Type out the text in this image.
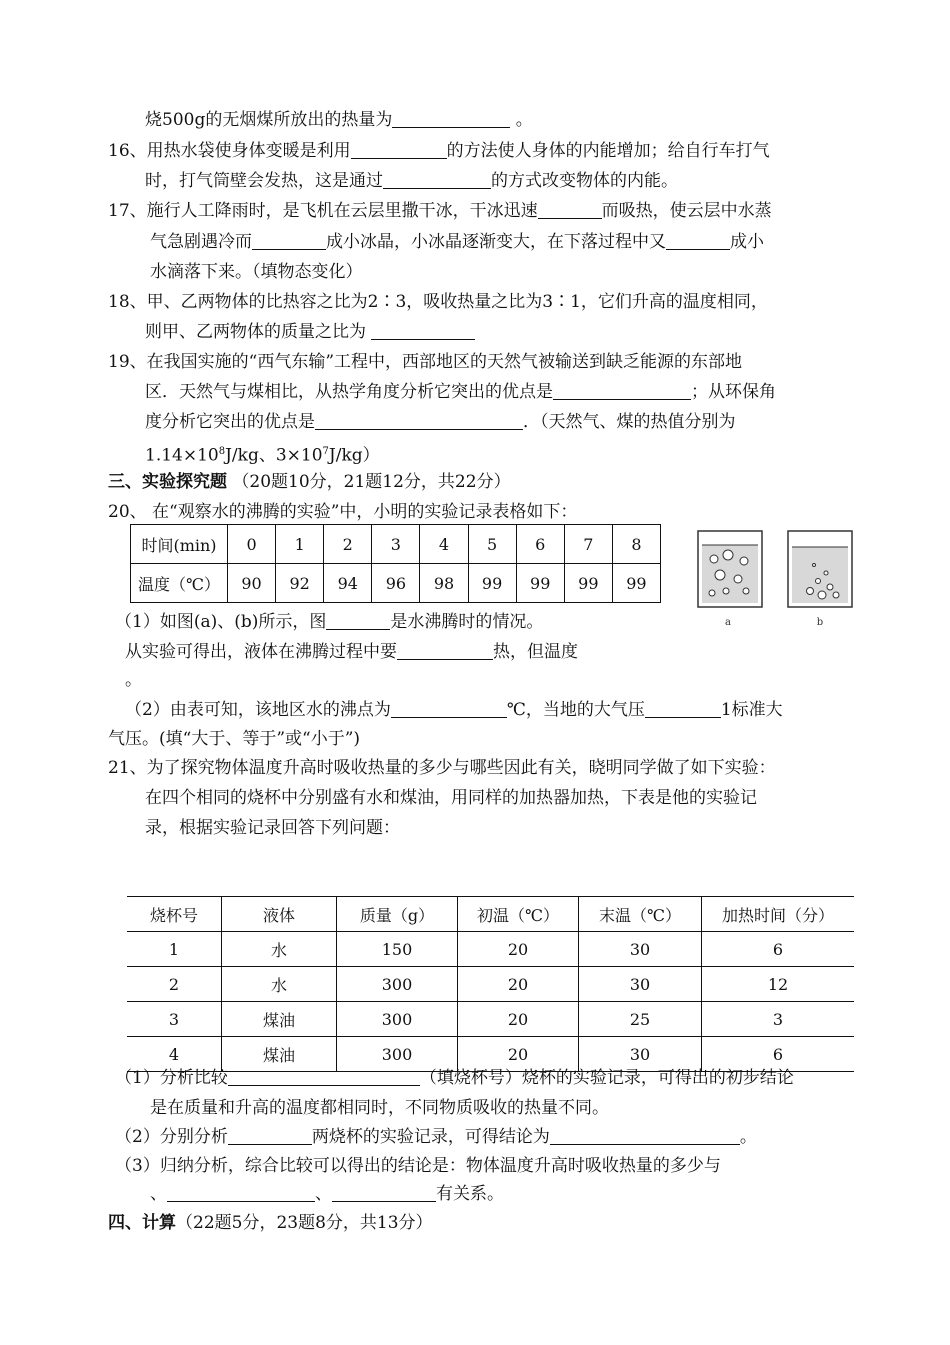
烧500g的无烟煤所放出的热量为	。
16、用热水袋使身体变暖是利用	的方法使人身体的内能增加；给自行车打气
时，打气筒壁会发热，这是通过	的方式改变物体的内能。
17、施行人工降雨时，是飞机在云层里撒干冰，干冰迅速	而吸热，使云层中水蒸
气急剧遇冷而	成小冰晶，小冰晶逐渐变大，在下落过程中又	成小
水滴落下来。（填物态变化）
18、甲、乙两物体的比热容之比为2∶3，吸收热量之比为3∶1，它们升高的温度相同，
则甲、乙两物体的质量之比为
19、在我国实施的“西气东输”工程中，西部地区的天然气被输送到缺乏能源的东部地
区．天然气与煤相比，从热学角度分析它突出的优点是	；从环保角
度分析它突出的优点是	．（天然气、煤的热值分别为
$1.14\times 10^8J/kg$、$3\times 10^7J/kg$）
三、实验探究题 （20题10分，21题12分，共22分）
20、 在“观察水的沸腾的实验”中，小明的实验记录表格如下：
时间(min)	0	1	2	3	4	5	6	7	8
温度（℃）	90	92	94	96	98	99	99	99	99
a	b
（1）如图(a)、(b)所示，图	是水沸腾时的情况。
从实验可得出，液体在沸腾过程中要	热，但温度
。
（2）由表可知，该地区水的沸点为	℃，当地的大气压	1标准大
气压。(填“大于、等于”或“小于”)
21、为了探究物体温度升高时吸收热量的多少与哪些因此有关，晓明同学做了如下实验：
在四个相同的烧杯中分别盛有水和煤油，用同样的加热器加热，下表是他的实验记
录，根据实验记录回答下列问题：
烧杯号	液体	质量（g）	初温（℃）	末温（℃）	加热时间（分）
1	水	150	20	30	6
2	水	300	20	30	12
3	煤油	300	20	25	3
4	煤油	300	20	30	6
（1）分析比较	（填烧杯号）烧杯的实验记录，可得出的初步结论
是在质量和升高的温度都相同时，不同物质吸收的热量不同。
（2）分别分析	两烧杯的实验记录，可得结论为	。
（3）归纳分析，综合比较可以得出的结论是：物体温度升高时吸收热量的多少与
、	、	有关系。
四、计算（22题5分，23题8分，共13分）
